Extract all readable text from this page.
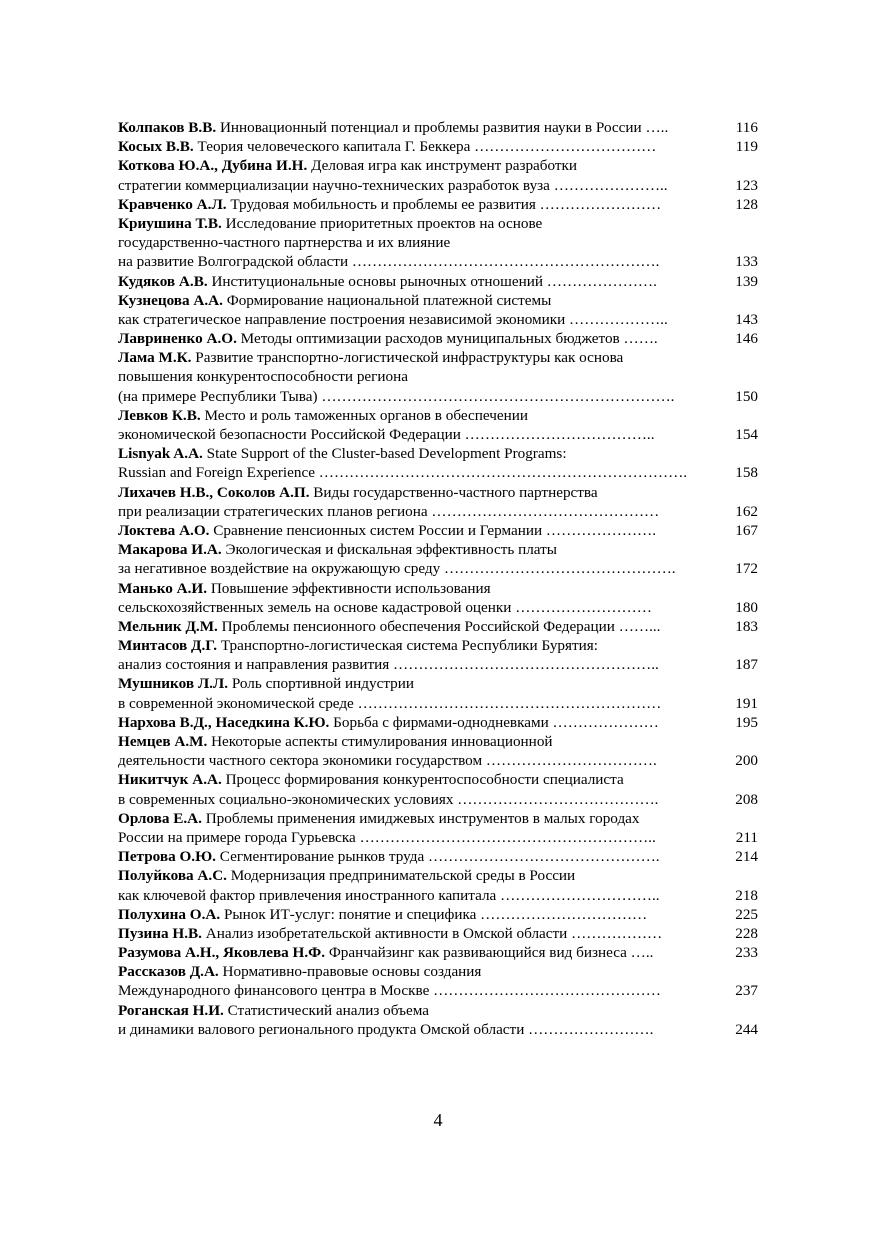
Колпаков В.В. Инновационный потенциал и проблемы развития науки в России …..	116
Косых В.В. Теория человеческого капитала Г. Беккера ………………………………	119
Коткова Ю.А., Дубина И.Н. Деловая игра как инструмент разработки
стратегии коммерциализации научно-технических разработок вуза …………………..	123
Кравченко А.Л. Трудовая мобильность и проблемы ее развития ……………………	128
Криушина Т.В. Исследование приоритетных проектов на основе
государственно-частного партнерства и их влияние
на развитие Волгоградской области …………………………………………………….	133
Кудяков А.В. Институциональные основы рыночных отношений ………………….	139
Кузнецова А.А. Формирование национальной платежной системы
как стратегическое направление построения независимой экономики ………………..	143
Лавриненко А.О. Методы оптимизации расходов муниципальных бюджетов …….	146
Лама М.К. Развитие транспортно-логистической инфраструктуры как основа
повышения конкурентоспособности региона
(на примере Республики Тыва) …………………………………………………………….	150
Левков К.В. Место и роль таможенных органов в обеспечении
экономической безопасности Российской Федерации ………………………………..	154
Lisnyak A.A. State Support of the Cluster-based Development Programs:
Russian and Foreign Experience ……………………………………………………………….	158
Лихачев Н.В., Соколов А.П. Виды государственно-частного партнерства
при реализации стратегических планов региона ………………………………………	162
Локтева А.О. Сравнение пенсионных систем России и Германии ………………….	167
Макарова И.А. Экологическая и фискальная эффективность платы
за негативное воздействие на окружающую среду ……………………………………….	172
Манько А.И. Повышение эффективности использования
сельскохозяйственных земель на основе кадастровой оценки ………………………	180
Мельник Д.М. Проблемы пенсионного обеспечения Российской Федерации ……...	183
Минтасов Д.Г. Транспортно-логистическая система Республики Бурятия:
анализ состояния и направления развития ……………………………………………..	187
Мушников Л.Л. Роль спортивной индустрии
в современной экономической среде ……………………………………………………	191
Нархова В.Д., Наседкина К.Ю. Борьба с фирмами-однодневками …………………	195
Немцев А.М. Некоторые аспекты стимулирования инновационной
деятельности частного сектора экономики государством …………………………….	200
Никитчук А.А. Процесс формирования конкурентоспособности специалиста
в современных социально-экономических условиях ………………………………….	208
Орлова Е.А. Проблемы применения имиджевых инструментов в малых городах
России на примере города Гурьевска …………………………………………………..	211
Петрова О.Ю. Сегментирование рынков труда ……………………………………….	214
Полуйкова А.С. Модернизация предпринимательской среды в России
как ключевой фактор привлечения иностранного капитала …………………………..	218
Полухина О.А. Рынок ИТ-услуг: понятие и специфика ……………………………	225
Пузина Н.В. Анализ изобретательской активности в Омской области ………………	228
Разумова А.Н., Яковлева Н.Ф. Франчайзинг как развивающийся вид бизнеса …..	233
Рассказов Д.А. Нормативно-правовые основы создания
Международного финансового центра в Москве ………………………………………	237
Роганская Н.И. Статистический анализ объема
и динамики валового регионального продукта Омской области …………………….	244
4
